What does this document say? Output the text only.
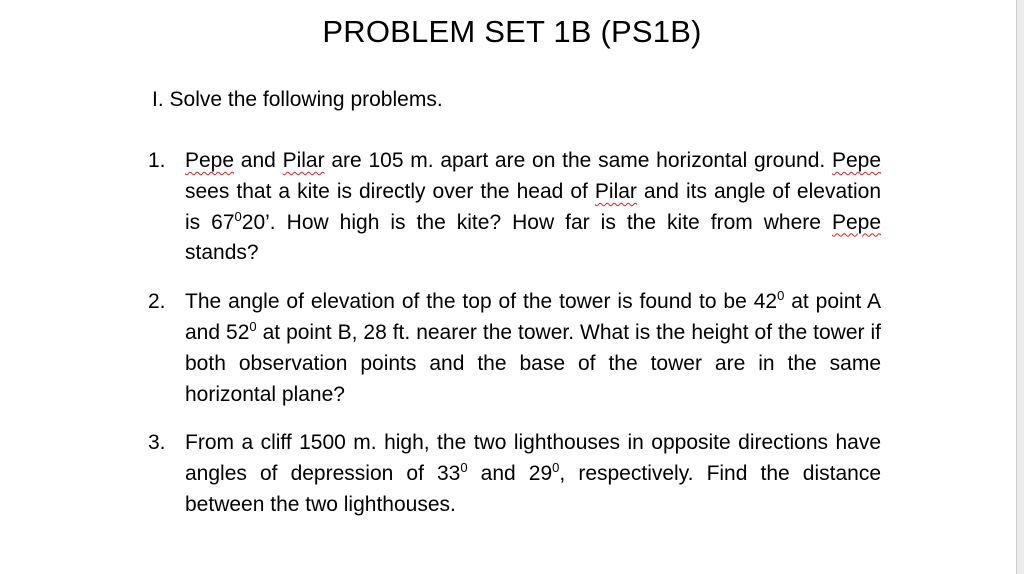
PROBLEM SET 1B (PS1B)
I. Solve the following problems.
1. Pepe and Pilar are 105 m. apart are on the same horizontal ground. Pepe sees that a kite is directly over the head of Pilar and its angle of elevation is $67^020$’. How high is the kite? How far is the kite from where Pepe stands?
2. The angle of elevation of the top of the tower is found to be $42^0$ at point A and $52^0$ at point B, 28 ft. nearer the tower. What is the height of the tower if both observation points and the base of the tower are in the same horizontal plane?
3. From a cliff 1500 m. high, the two lighthouses in opposite directions have angles of depression of $33^0$ and $29^0$, respectively. Find the distance between the two lighthouses.
